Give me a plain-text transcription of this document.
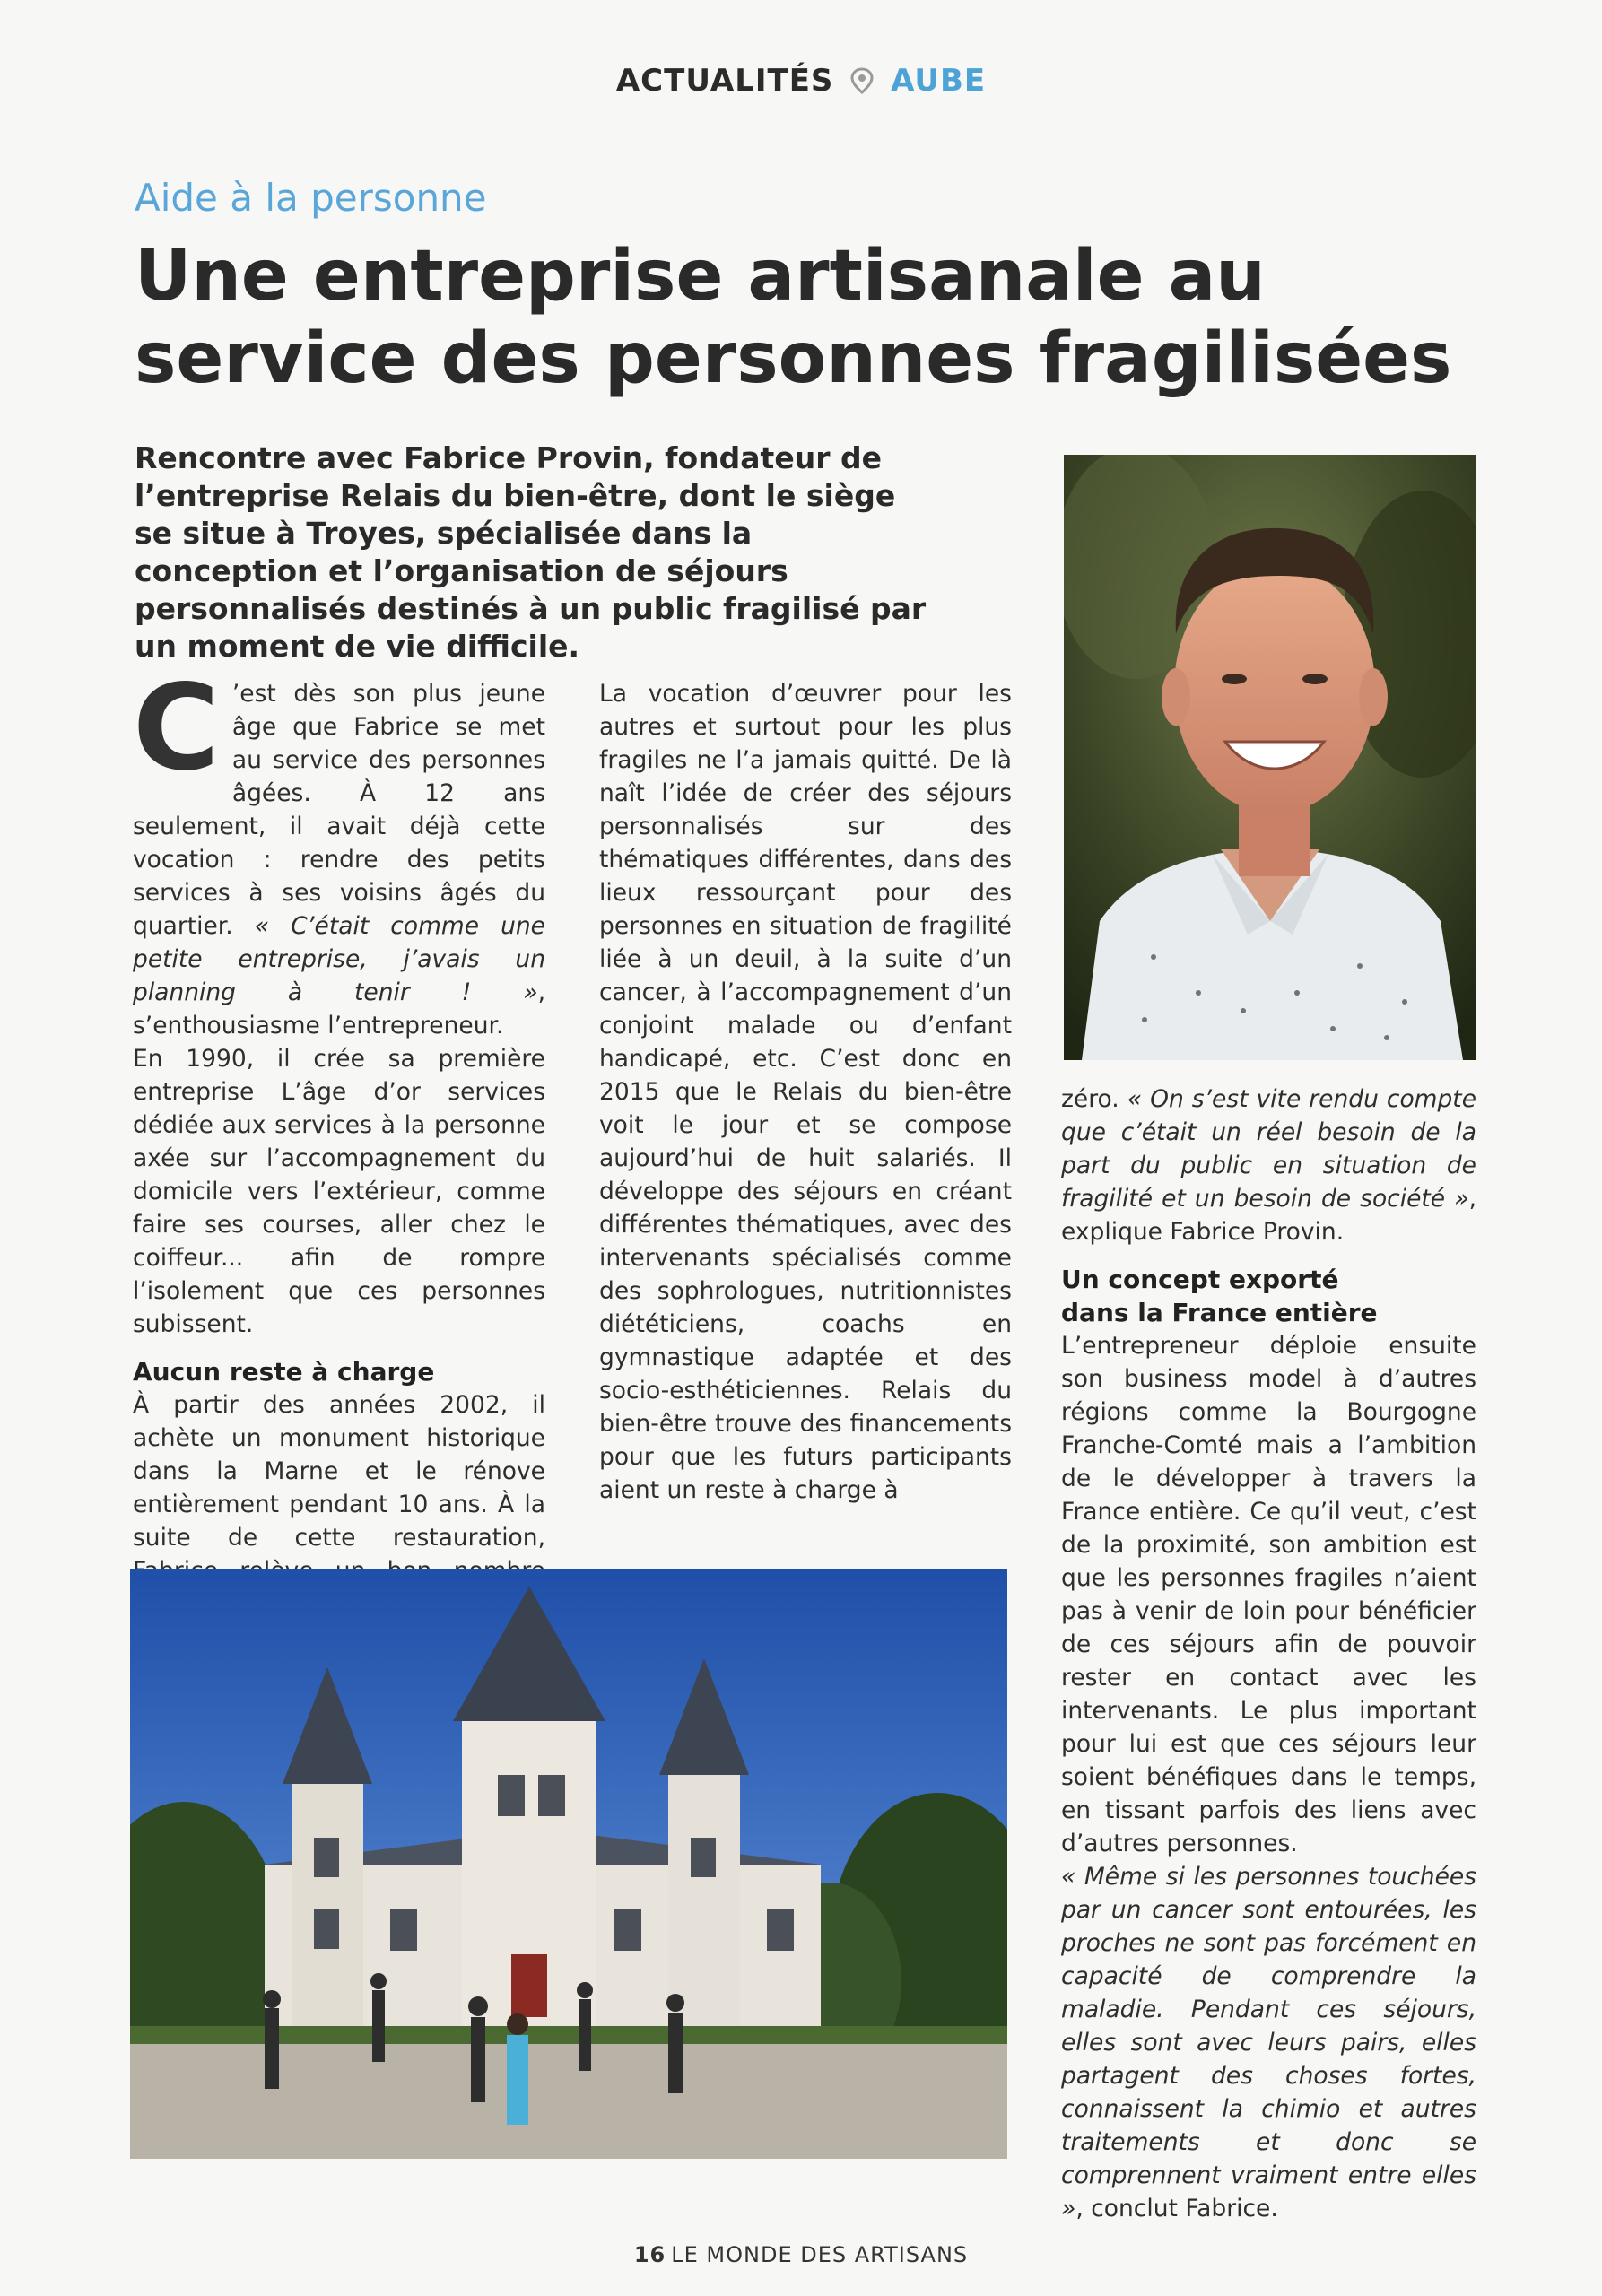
ACTUALITÉS AUBE
Aide à la personne
Une entreprise artisanale au
service des personnes fragilisées
Rencontre avec Fabrice Provin, fondateur de l’entreprise Relais du bien-être, dont le siège se situe à Troyes, spécialisée dans la conception et l’organisation de séjours personnalisés destinés à un public fragilisé par un moment de vie difficile.

C ’est dès son plus jeune âge que Fabrice se met au service des personnes âgées. À 12 ans seulement, il avait déjà cette vocation : rendre des petits services à ses voisins âgés du quartier. « C’était comme une petite entreprise, j’avais un planning à tenir ! », s’enthousiasme l’entrepreneur.

En 1990, il crée sa première entreprise L’âge d’or services dédiée aux services à la personne axée sur l’accompagnement du domicile vers l’extérieur, comme faire ses courses, aller chez le coiffeur... afin de rompre l’isolement que ces personnes subissent.

Aucun reste à charge

À partir des années 2002, il achète un monument historique dans la Marne et le rénove entièrement pendant 10 ans. À la suite de cette restauration,

La vocation d’œuvrer pour les autres et surtout pour les plus fragiles ne l’a jamais quitté. De là naît l’idée de créer des séjours personnalisés sur des thématiques différentes, dans des lieux ressourçant pour des personnes en situation de fragilité liée à un deuil, à la suite d’un cancer, à l’accompagnement d’un conjoint malade ou d’enfant handicapé, etc. C’est donc en 2015 que le Relais du bien-être voit le jour et se compose aujourd’hui de huit salariés. Il développe des séjours en créant différentes thématiques, avec des intervenants spécialisés comme des sophrologues, nutritionnistes diététiciens, coachs en gymnastique adaptée et des socio-esthéticiennes. Relais du bien-être trouve des financements pour que les futurs participants aient un reste à charge à

zéro. « On s’est vite rendu compte que c’était un réel besoin de la part du public en situation de fragilité et un besoin de société », explique Fabrice Provin.

Un concept exporté
dans la France entière

L’entrepreneur déploie ensuite son business model à d’autres régions comme la Bourgogne Franche-Comté mais a l’ambition de le développer à travers la France entière. Ce qu’il veut, c’est de la proximité, son ambition est que les personnes fragiles n’aient pas à venir de loin pour bénéficier de ces séjours afin de pouvoir rester en contact avec les intervenants. Le plus important pour lui est que ces séjours leur soient bénéfiques dans le temps, en tissant parfois des liens avec d’autres personnes.

« Même si les personnes touchées par un cancer sont entourées, les proches ne sont pas forcément en capacité de comprendre la maladie. Pendant ces séjours, elles sont avec leurs pairs, elles partagent des choses fortes, connaissent la chimio et autres traitements et donc se comprennent vraiment entre elles », conclut Fabrice.

16 LE MONDE DES ARTISANS
